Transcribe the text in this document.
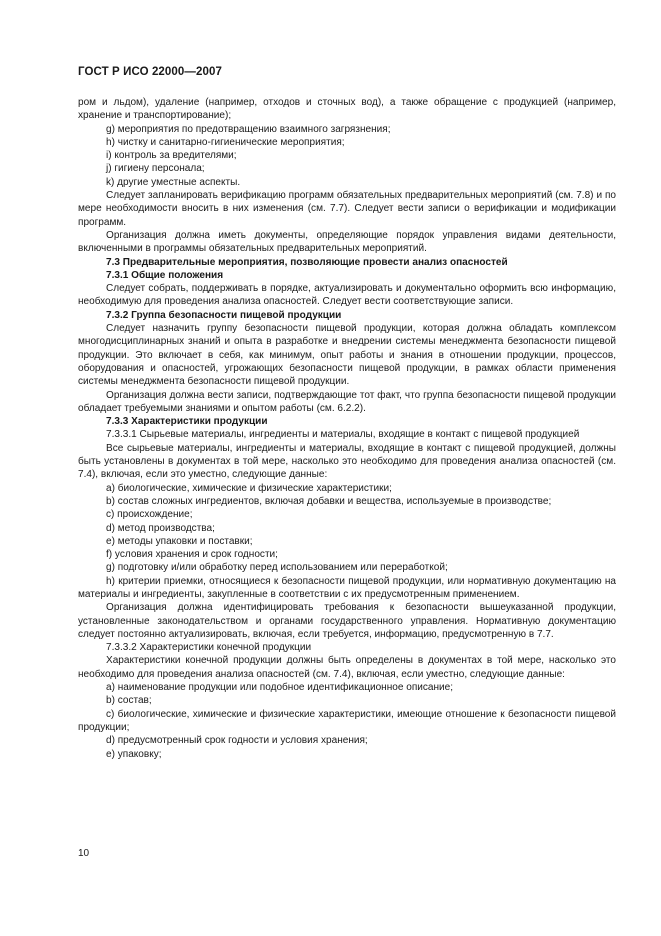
ГОСТ Р ИСО 22000—2007

ром и льдом), удаление (например, отходов и сточных вод), а также обращение с продукцией (например, хранение и транспортирование);

g) мероприятия по предотвращению взаимного загрязнения;

h) чистку и санитарно-гигиенические мероприятия;

i) контроль за вредителями;

j) гигиену персонала;

k) другие уместные аспекты.

Следует запланировать верификацию программ обязательных предварительных мероприятий (см. 7.8) и по мере необходимости вносить в них изменения (см. 7.7). Следует вести записи о верификации и модификации программ.

Организация должна иметь документы, определяющие порядок управления видами деятельности, включенными в программы обязательных предварительных мероприятий.

7.3 Предварительные мероприятия, позволяющие провести анализ опасностей

7.3.1 Общие положения

Следует собрать, поддерживать в порядке, актуализировать и документально оформить всю информацию, необходимую для проведения анализа опасностей. Следует вести соответствующие записи.

7.3.2 Группа безопасности пищевой продукции

Следует назначить группу безопасности пищевой продукции, которая должна обладать комплексом многодисциплинарных знаний и опыта в разработке и внедрении системы менеджмента безопасности пищевой продукции. Это включает в себя, как минимум, опыт работы и знания в отношении продукции, процессов, оборудования и опасностей, угрожающих безопасности пищевой продукции, в рамках области применения системы менеджмента безопасности пищевой продукции.

Организация должна вести записи, подтверждающие тот факт, что группа безопасности пищевой продукции обладает требуемыми знаниями и опытом работы (см. 6.2.2).

7.3.3 Характеристики продукции

7.3.3.1 Сырьевые материалы, ингредиенты и материалы, входящие в контакт с пищевой продукцией

Все сырьевые материалы, ингредиенты и материалы, входящие в контакт с пищевой продукцией, должны быть установлены в документах в той мере, насколько это необходимо для проведения анализа опасностей (см. 7.4), включая, если это уместно, следующие данные:

a) биологические, химические и физические характеристики;

b) состав сложных ингредиентов, включая добавки и вещества, используемые в производстве;

c) происхождение;

d) метод производства;

e) методы упаковки и поставки;

f) условия хранения и срок годности;

g) подготовку и/или обработку перед использованием или переработкой;

h) критерии приемки, относящиеся к безопасности пищевой продукции, или нормативную документацию на материалы и ингредиенты, закупленные в соответствии с их предусмотренным применением.

Организация должна идентифицировать требования к безопасности вышеуказанной продукции, установленные законодательством и органами государственного управления. Нормативную документацию следует постоянно актуализировать, включая, если требуется, информацию, предусмотренную в 7.7.

7.3.3.2 Характеристики конечной продукции

Характеристики конечной продукции должны быть определены в документах в той мере, насколько это необходимо для проведения анализа опасностей (см. 7.4), включая, если уместно, следующие данные:

a) наименование продукции или подобное идентификационное описание;

b) состав;

c) биологические, химические и физические характеристики, имеющие отношение к безопасности пищевой продукции;

d) предусмотренный срок годности и условия хранения;

e) упаковку;

10
